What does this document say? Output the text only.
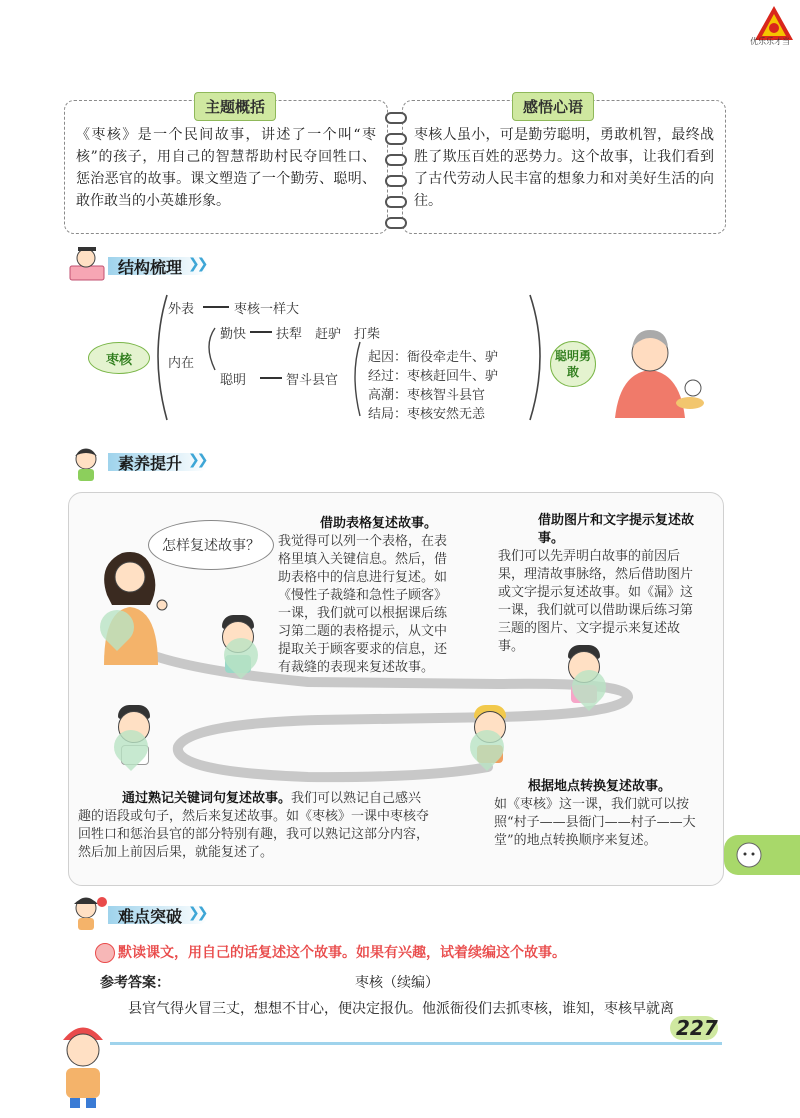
优乐乐才当
主题概括
《枣核》是一个民间故事，讲述了一个叫“枣核”的孩子，用自己的智慧帮助村民夺回牲口、惩治恶官的故事。课文塑造了一个勤劳、聪明、敢作敢当的小英雄形象。
感悟心语
枣核人虽小，可是勤劳聪明，勇敢机智，最终战胜了欺压百姓的恶势力。这个故事，让我们看到了古代劳动人民丰富的想象力和对美好生活的向往。
结构梳理 ❯❯
枣核
外表	枣核一样大
内在
勤快 扶犁　赶驴　打柴
聪明	智斗县官
起因：衙役牵走牛、驴
经过：枣核赶回牛、驴
高潮：枣核智斗县官
结局：枣核安然无恙
聪明勇敢
素养提升 ❯❯
怎样复述故事？
借助表格复述故事。
我觉得可以列一个表格，在表格里填入关键信息。然后，借助表格中的信息进行复述。如《慢性子裁缝和急性子顾客》一课，我们就可以根据课后练习第二题的表格提示，从文中提取关于顾客要求的信息，还有裁缝的表现来复述故事。
借助图片和文字提示复述故事。
我们可以先弄明白故事的前因后果，理清故事脉络，然后借助图片或文字提示复述故事。如《漏》这一课，我们就可以借助课后练习第三题的图片、文字提示来复述故事。
根据地点转换复述故事。
如《枣核》这一课，我们就可以按照“村子——县衙门——村子——大堂”的地点转换顺序来复述。
通过熟记关键词句复述故事。我们可以熟记自己感兴趣的语段或句子，然后来复述故事。如《枣核》一课中枣核夺回牲口和惩治县官的部分特别有趣，我可以熟记这部分内容，然后加上前因后果，就能复述了。
难点突破 ❯❯
默读课文，用自己的话复述这个故事。如果有兴趣，试着续编这个故事。
参考答案：	枣核（续编）
县官气得火冒三丈，想想不甘心，便决定报仇。他派衙役们去抓枣核，谁知，枣核早就离
227
